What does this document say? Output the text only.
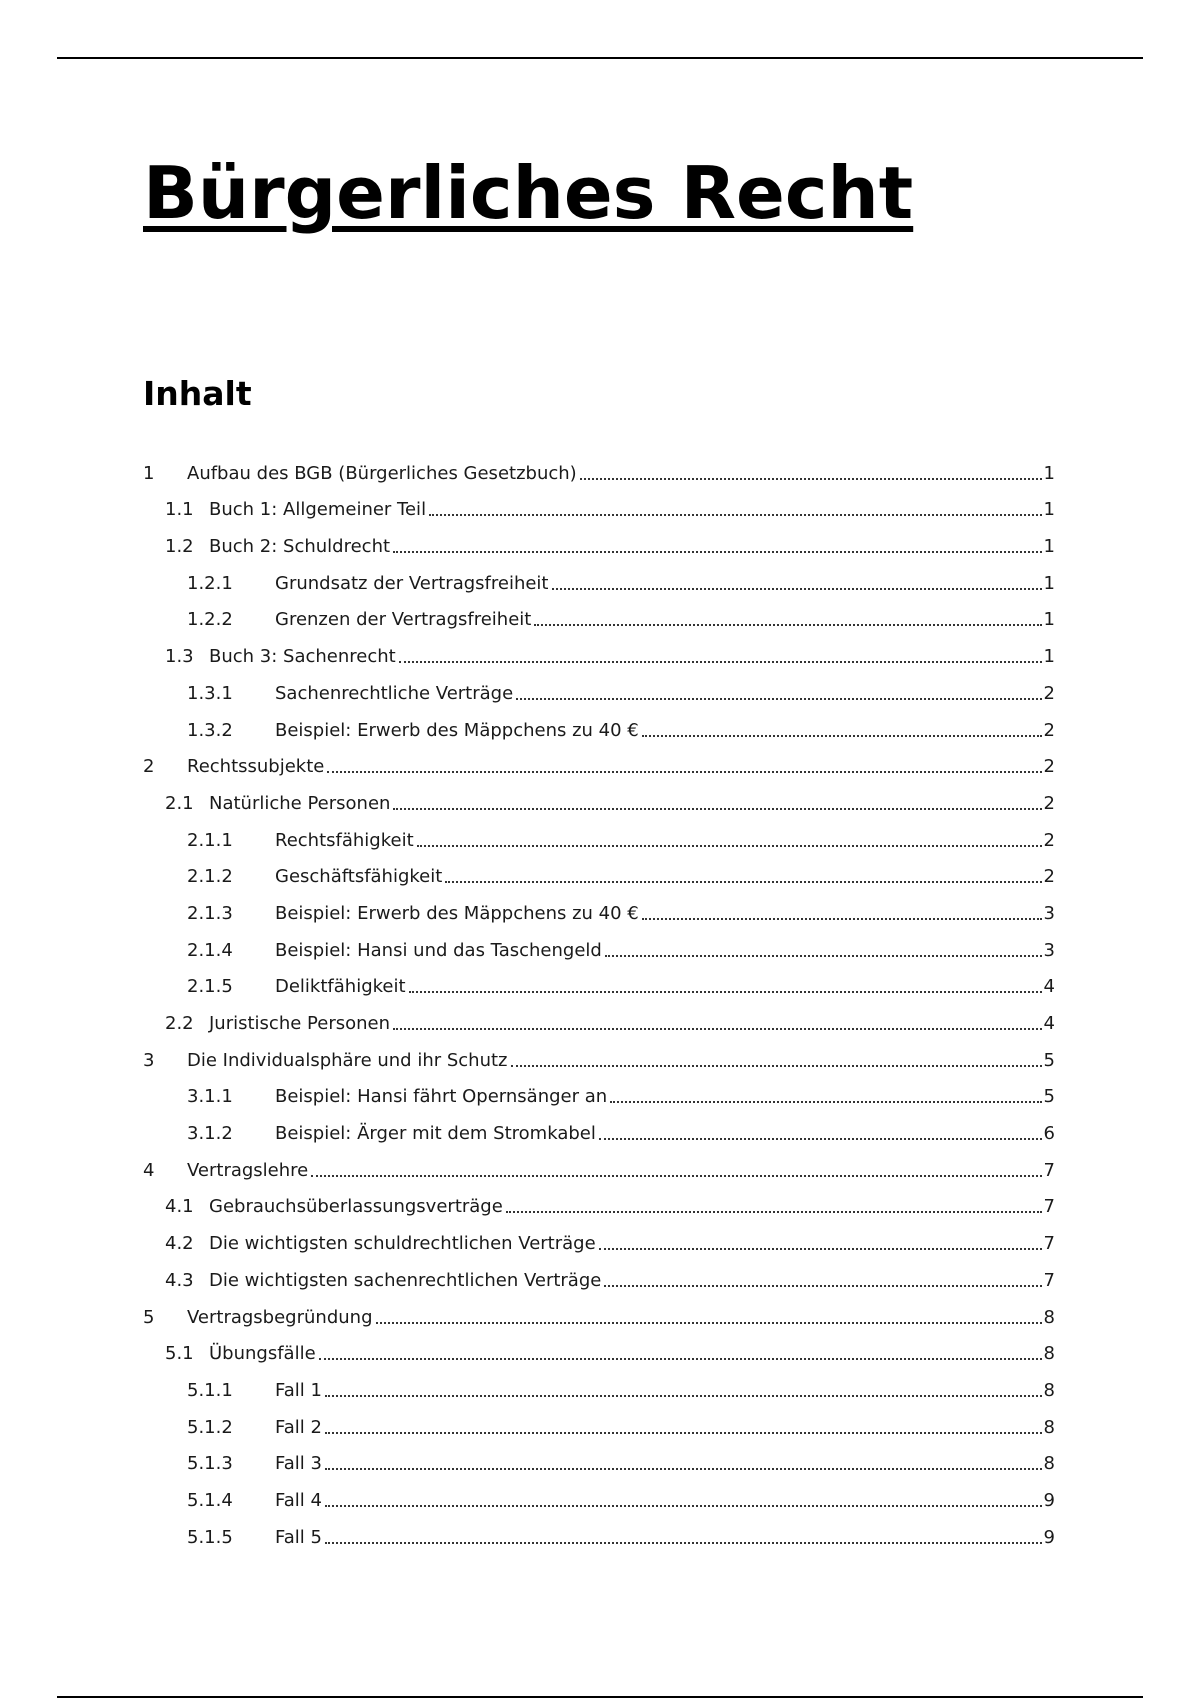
Bürgerliches Recht
Inhalt
1	Aufbau des BGB (Bürgerliches Gesetzbuch)	1
1.1 Buch 1: Allgemeiner Teil	1
1.2 Buch 2: Schuldrecht	1
1.2.1	Grundsatz der Vertragsfreiheit	1
1.2.2	Grenzen der Vertragsfreiheit	1
1.3 Buch 3: Sachenrecht	1
1.3.1	Sachenrechtliche Verträge	2
1.3.2	Beispiel: Erwerb des Mäppchens zu 40 €	2
2	Rechtssubjekte	2
2.1 Natürliche Personen	2
2.1.1	Rechtsfähigkeit	2
2.1.2	Geschäftsfähigkeit	2
2.1.3	Beispiel: Erwerb des Mäppchens zu 40 €	3
2.1.4	Beispiel: Hansi und das Taschengeld	3
2.1.5	Deliktfähigkeit	4
2.2 Juristische Personen	4
3	Die Individualsphäre und ihr Schutz	5
3.1.1	Beispiel: Hansi fährt Opernsänger an	5
3.1.2	Beispiel: Ärger mit dem Stromkabel	6
4	Vertragslehre	7
4.1 Gebrauchsüberlassungsverträge	7
4.2 Die wichtigsten schuldrechtlichen Verträge	7
4.3 Die wichtigsten sachenrechtlichen Verträge	7
5	Vertragsbegründung	8
5.1 Übungsfälle	8
5.1.1	Fall 1	8
5.1.2	Fall 2	8
5.1.3	Fall 3	8
5.1.4	Fall 4	9
5.1.5	Fall 5	9
